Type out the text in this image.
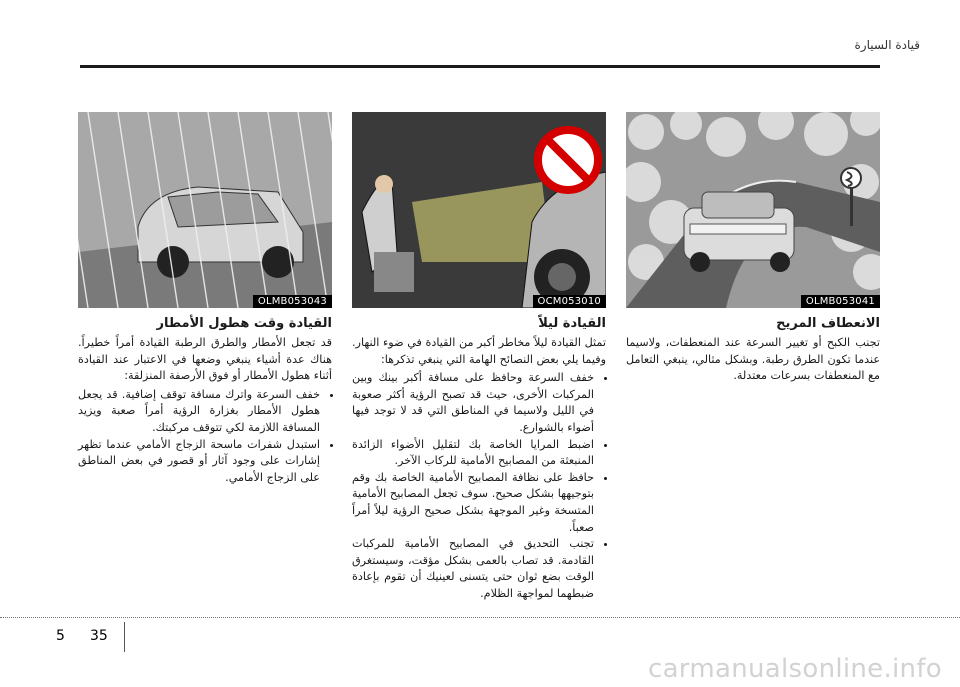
قيادة السيارة
OLMB053041
OCM053010
OLMB053043
الانعطاف المريح

تجنب الكبح أو تغيير السرعة عند المنعطفات، ولاسيما عندما تكون الطرق رطبة. وبشكل مثالي، ينبغي التعامل مع المنعطفات بسرعات معتدلة.

القيادة ليلاً

تمثل القيادة ليلاً مخاطر أكبر من القيادة في ضوء النهار. وفيما يلي بعض النصائح الهامة التي ينبغي تذكرها:

• خفف السرعة وحافظ على مسافة أكبر بينك وبين المركبات الأخرى، حيث قد تصبح الرؤية أكثر صعوبة في الليل ولاسيما في المناطق التي قد لا توجد فيها أضواء بالشوارع.
• اضبط المرايا الخاصة بك لتقليل الأضواء الزائدة المنبعثة من المصابيح الأمامية للركاب الآخر.
• حافظ على نظافة المصابيح الأمامية الخاصة بك وقم بتوجيهها بشكل صحيح. سوف تجعل المصابيح الأمامية المتسخة وغير الموجهة بشكل صحيح الرؤية ليلاً أمراً صعباً.
• تجنب التحديق في المصابيح الأمامية للمركبات القادمة. قد تصاب بالعمى بشكل مؤقت، وسيستغرق الوقت بضع ثوان حتى يتسنى لعينيك أن تقوم بإعادة ضبطهما لمواجهة الظلام.
القيادة وقت هطول الأمطار

قد تجعل الأمطار والطرق الرطبة القيادة أمراً خطيراً. هناك عدة أشياء ينبغي وضعها في الاعتبار عند القيادة أثناء هطول الأمطار أو فوق الأرصفة المنزلقة:

• خفف السرعة واترك مسافة توقف إضافية. قد يجعل هطول الأمطار بغزارة الرؤية أمراً صعبة ويزيد المسافة اللازمة لكي تتوقف مركبتك.
• استبدل شفرات ماسحة الزجاج الأمامي عندما تظهر إشارات على وجود آثار أو قصور في بعض المناطق على الزجاج الأمامي.
35
5
carmanualsonline.info
